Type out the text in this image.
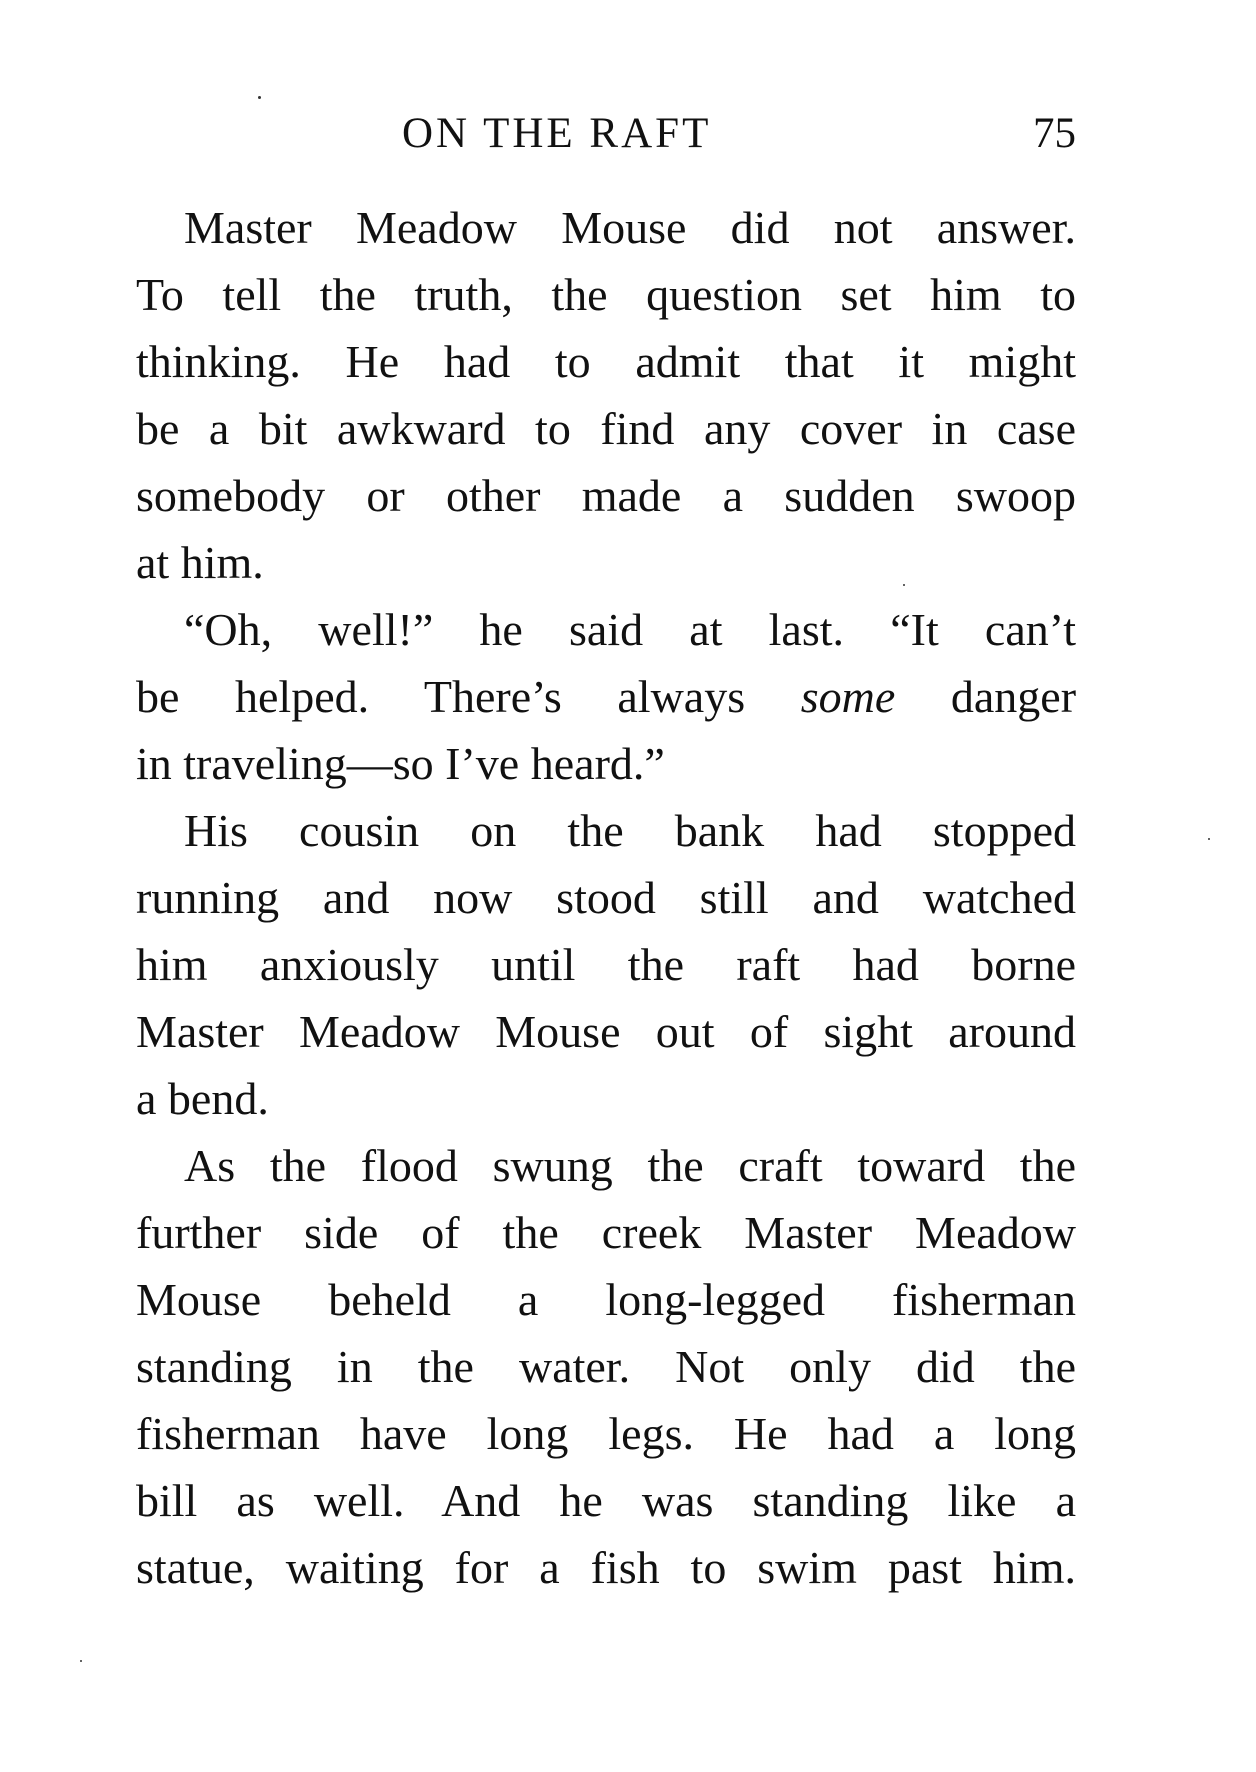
ON THE RAFT	75
Master Meadow Mouse did not answer.
To tell the truth, the question set him to
thinking. He had to admit that it might
be a bit awkward to find any cover in case
somebody or other made a sudden swoop
at him.
“Oh, well!” he said at last. “It can’t
be helped. There’s always some danger
in traveling—so I’ve heard.”
His cousin on the bank had stopped
running and now stood still and watched
him anxiously until the raft had borne
Master Meadow Mouse out of sight around
a bend.
As the flood swung the craft toward the
further side of the creek Master Meadow
Mouse beheld a long-legged fisherman
standing in the water. Not only did the
fisherman have long legs. He had a long
bill as well. And he was standing like a
statue, waiting for a fish to swim past him.
